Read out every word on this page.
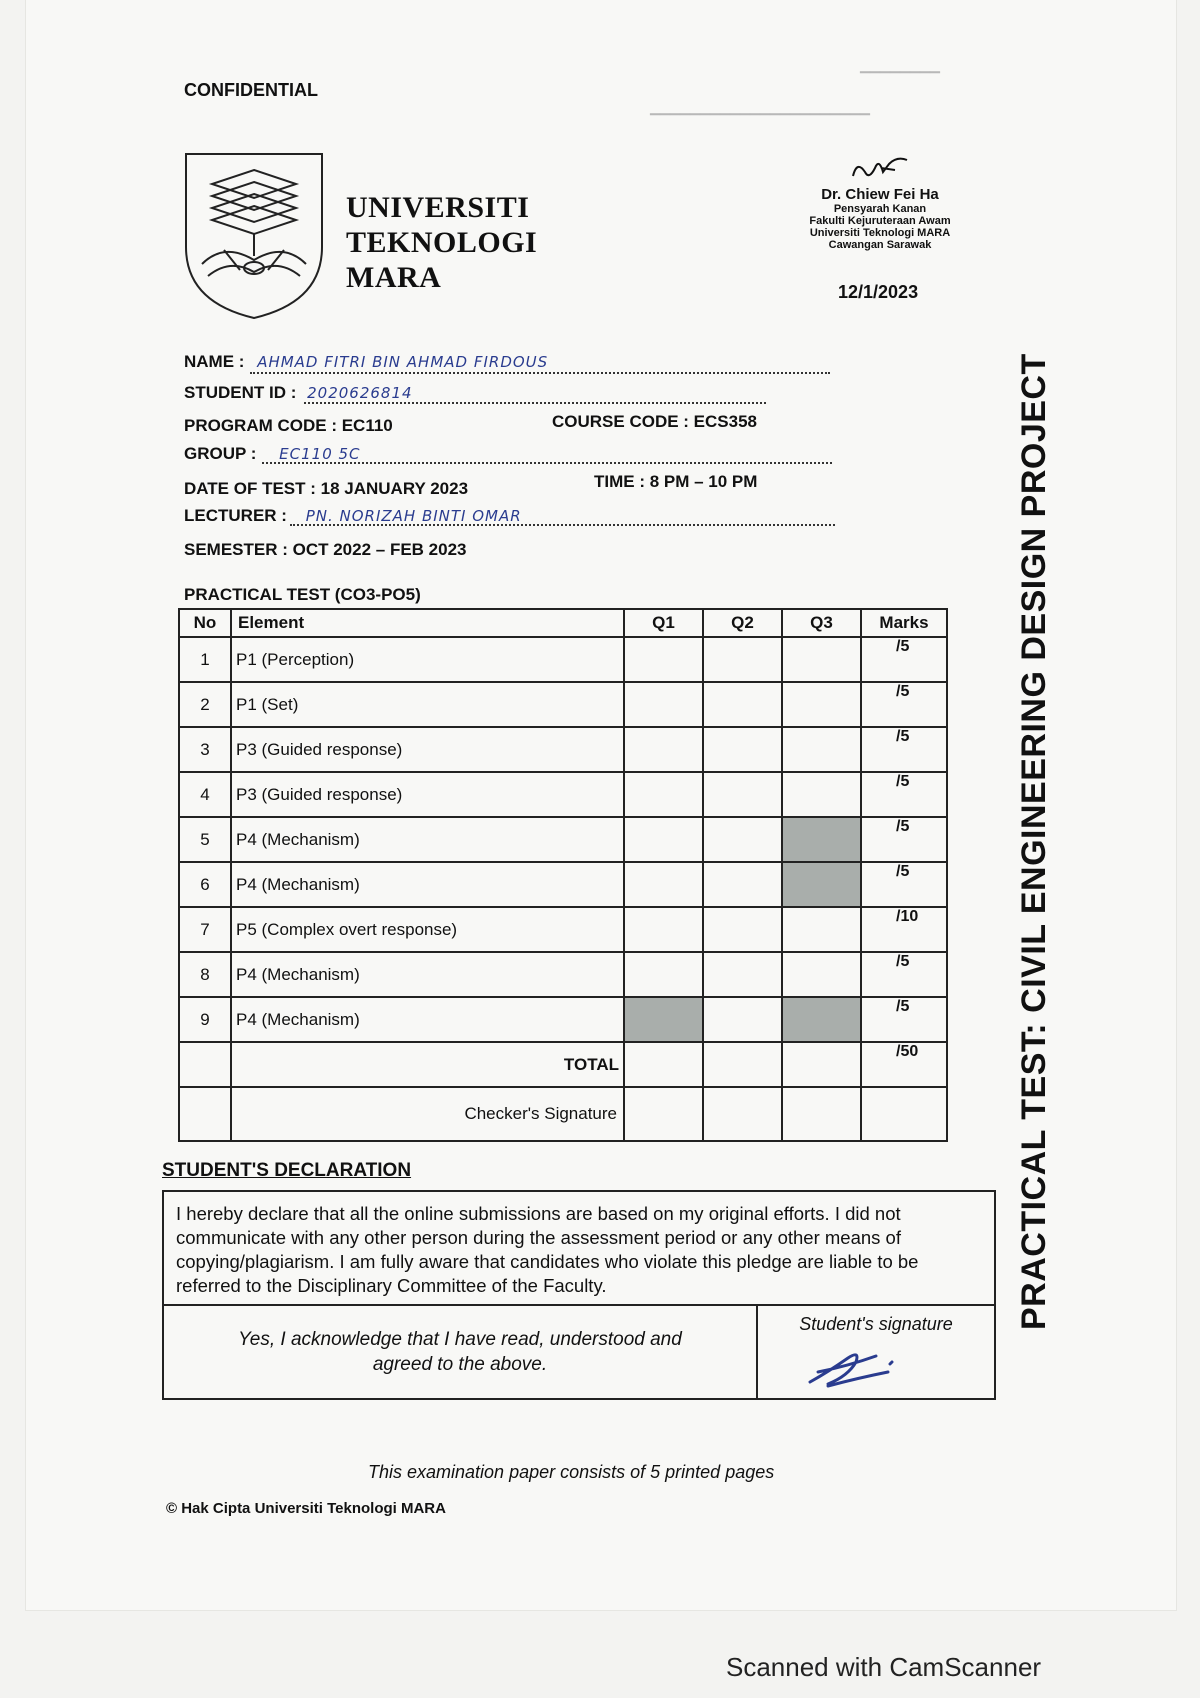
▁▁▁▁▁▁▁▁
▁▁▁▁▁▁▁▁▁▁▁▁▁▁▁▁▁▁▁▁▁▁
CONFIDENTIAL
UNIVERSITI
TEKNOLOGI
MARA
Dr. Chiew Fei Ha
Pensyarah Kanan
Fakulti Kejuruteraan Awam
Universiti Teknologi MARA
Cawangan Sarawak
12/1/2023
PRACTICAL TEST: CIVIL ENGINEERING DESIGN PROJECT
NAME : AHMAD FITRI BIN AHMAD FIRDOUS
STUDENT ID : 2020626814
PROGRAM CODE : EC110	COURSE CODE : ECS358
GROUP : EC110 5C
DATE OF TEST : 18 JANUARY 2023	TIME : 8 PM – 10 PM
LECTURER : PN. NORIZAH BINTI OMAR
SEMESTER : OCT 2022 – FEB 2023
PRACTICAL TEST (CO3-PO5)
No	Element	Q1	Q2	Q3	Marks
1	P1 (Perception)				/5
2	P1 (Set)				/5
3	P3 (Guided response)				/5
4	P3 (Guided response)				/5
5	P4 (Mechanism)				/5
6	P4 (Mechanism)				/5
7	P5 (Complex overt response)				/10
8	P4 (Mechanism)				/5
9	P4 (Mechanism)				/5
	TOTAL				/50
	Checker's Signature				
STUDENT'S DECLARATION
I hereby declare that all the online submissions are based on my original efforts. I did not communicate with any other person during the assessment period or any other means of copying/plagiarism. I am fully aware that candidates who violate this pledge are liable to be referred to the Disciplinary Committee of the Faculty.
Yes, I acknowledge that I have read, understood and agreed to the above.
Student's signature
This examination paper consists of 5 printed pages
© Hak Cipta Universiti Teknologi MARA
Scanned with CamScanner
